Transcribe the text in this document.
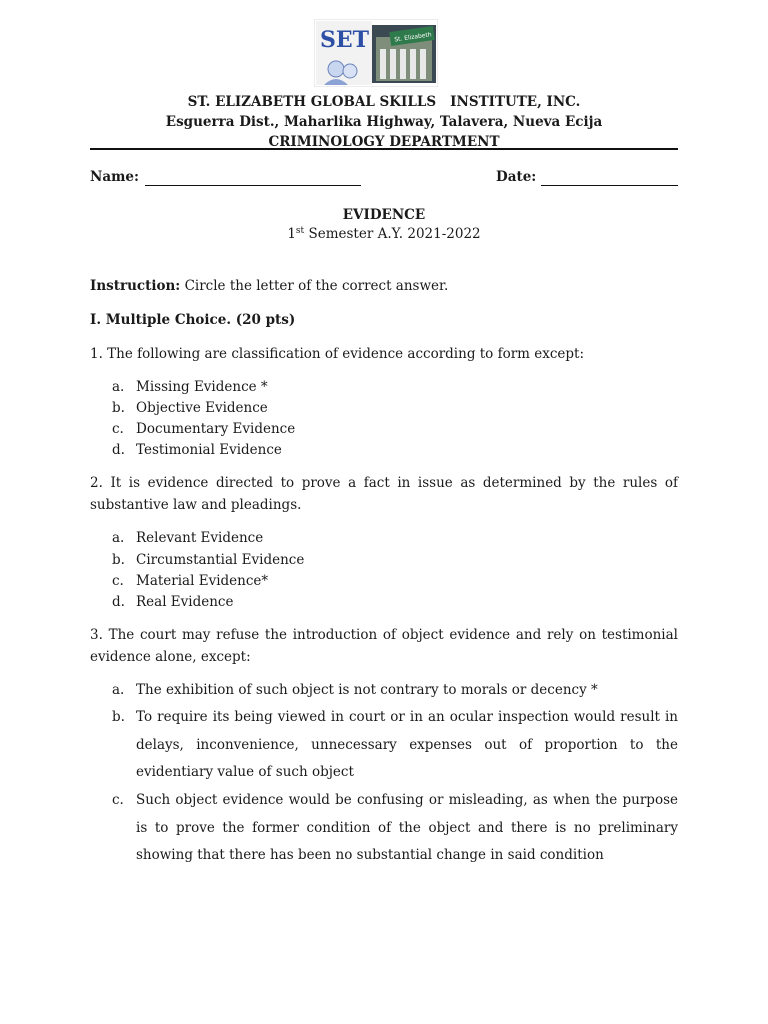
SET	St. Elizabeth
ST. ELIZABETH GLOBAL SKILLS   INSTITUTE, INC.
Esguerra Dist., Maharlika Highway, Talavera, Nueva Ecija
CRIMINOLOGY DEPARTMENT
Name:	Date:
EVIDENCE
1st Semester A.Y. 2021-2022
Instruction: Circle the letter of the correct answer.
I. Multiple Choice. (20 pts)
1. The following are classification of evidence according to form except:
a. Missing Evidence *
b. Objective Evidence
c. Documentary Evidence
d. Testimonial Evidence
2. It is evidence directed to prove a fact in issue as determined by the rules of substantive law and pleadings.
a. Relevant Evidence
b. Circumstantial Evidence
c. Material Evidence*
d. Real Evidence
3. The court may refuse the introduction of object evidence and rely on testimonial evidence alone, except:
a. The exhibition of such object is not contrary to morals or decency *
b. To require its being viewed in court or in an ocular inspection would result in delays, inconvenience, unnecessary expenses out of proportion to the evidentiary value of such object
c. Such object evidence would be confusing or misleading, as when the purpose is to prove the former condition of the object and there is no preliminary showing that there has been no substantial change in said condition
